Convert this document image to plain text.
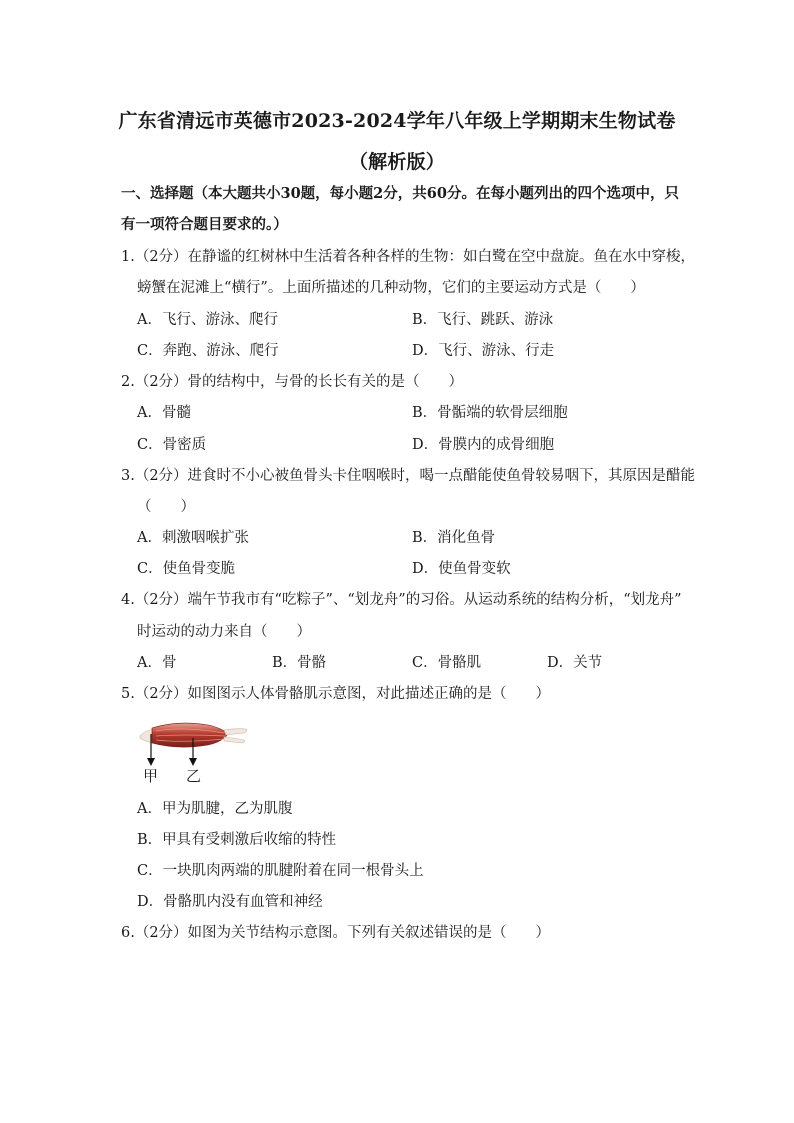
广东省清远市英德市2023-2024学年八年级上学期期末生物试卷
（解析版）
一、选择题（本大题共小30题，每小题2分，共60分。在每小题列出的四个选项中，只
有一项符合题目要求的。）
1.（2分）在静谧的红树林中生活着各种各样的生物：如白鹭在空中盘旋。鱼在水中穿梭，
螃蟹在泥滩上“横行”。上面所描述的几种动物，它们的主要运动方式是（　　）
A．飞行、游泳、爬行	B．飞行、跳跃、游泳
C．奔跑、游泳、爬行	D．飞行、游泳、行走
2.（2分）骨的结构中，与骨的长长有关的是（　　）
A．骨髓	B．骨骺端的软骨层细胞
C．骨密质	D．骨膜内的成骨细胞
3.（2分）进食时不小心被鱼骨头卡住咽喉时，喝一点醋能使鱼骨较易咽下，其原因是醋能
（　　）
A．刺激咽喉扩张	B．消化鱼骨
C．使鱼骨变脆	D．使鱼骨变软
4.（2分）端午节我市有“吃粽子”、“划龙舟”的习俗。从运动系统的结构分析，“划龙舟”
时运动的动力来自（　　）
A．骨	B．骨骼	C．骨骼肌	D．关节
5.（2分）如图图示人体骨骼肌示意图，对此描述正确的是（　　）
甲 乙
A．甲为肌腱，乙为肌腹
B．甲具有受刺激后收缩的特性
C．一块肌肉两端的肌腱附着在同一根骨头上
D．骨骼肌内没有血管和神经
6.（2分）如图为关节结构示意图。下列有关叙述错误的是（　　）
